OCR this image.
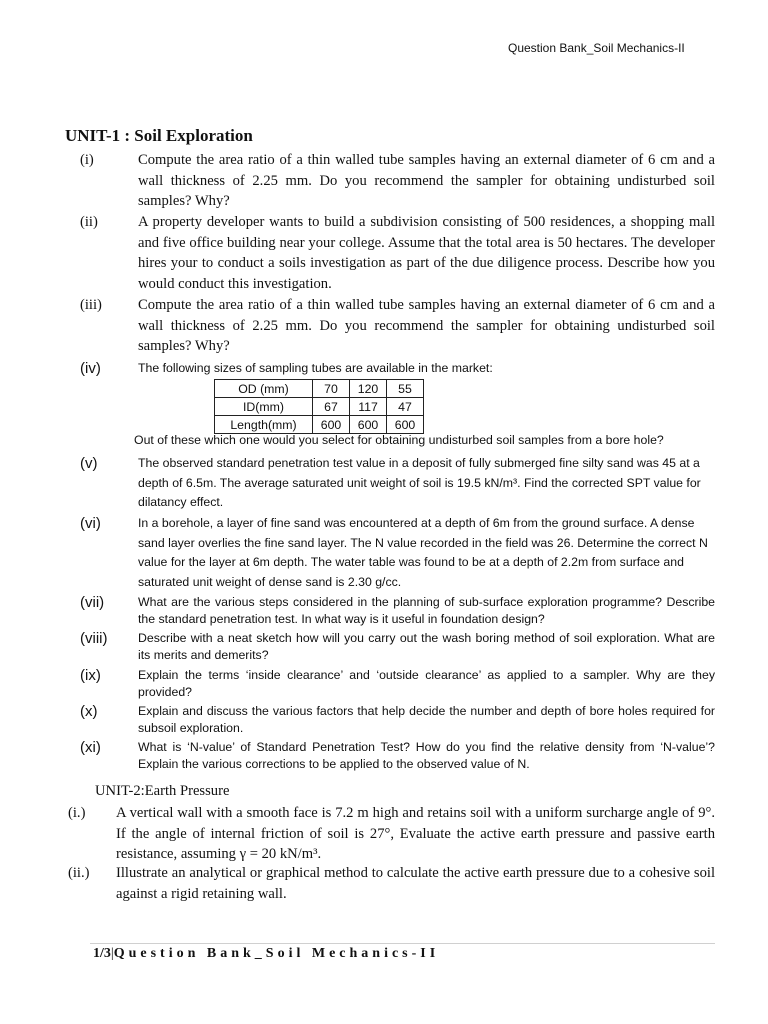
Question Bank_Soil Mechanics-II
UNIT-1 : Soil Exploration
(i)	Compute the area ratio of a thin walled tube samples having an external diameter of 6 cm and a wall thickness of 2.25 mm. Do you recommend the sampler for obtaining undisturbed soil samples? Why?
(ii)	A property developer wants to build a subdivision consisting of 500 residences, a shopping mall and five office building near your college. Assume that the total area is 50 hectares. The developer hires your to conduct a soils investigation as part of the due diligence process. Describe how you would conduct this investigation.
(iii)	Compute the area ratio of a thin walled tube samples having an external diameter of 6 cm and a wall thickness of 2.25 mm. Do you recommend the sampler for obtaining undisturbed soil samples? Why?
(iv)	The following sizes of sampling tubes are available in the market:
OD (mm)	70	120	55
ID(mm)	67	117	47
Length(mm)	600	600	600
Out of these which one would you select for obtaining undisturbed soil samples from a bore hole?
(v)	The observed standard penetration test value in a deposit of fully submerged fine silty sand was 45 at a depth of 6.5m. The average saturated unit weight of soil is 19.5 kN/m³. Find the corrected SPT value for dilatancy effect.
(vi)	In a borehole, a layer of fine sand was encountered at a depth of 6m from the ground surface. A dense sand layer overlies the fine sand layer. The N value recorded in the field was 26. Determine the correct N value for the layer at 6m depth. The water table was found to be at a depth of 2.2m from surface and saturated unit weight of dense sand is 2.30 g/cc.
(vii)	What are the various steps considered in the planning of sub-surface exploration programme? Describe the standard penetration test. In what way is it useful in foundation design?
(viii)	Describe with a neat sketch how will you carry out the wash boring method of soil exploration. What are its merits and demerits?
(ix)	Explain the terms ‘inside clearance’ and ‘outside clearance’ as applied to a sampler. Why are they provided?
(x)	Explain and discuss the various factors that help decide the number and depth of bore holes required for subsoil exploration.
(xi)	What is ‘N-value’ of Standard Penetration Test? How do you find the relative density from ‘N-value’? Explain the various corrections to be applied to the observed value of N.
UNIT-2:Earth Pressure
(i.) A vertical wall with a smooth face is 7.2 m high and retains soil with a uniform surcharge angle of 9°. If the angle of internal friction of soil is 27°, Evaluate the active earth pressure and passive earth resistance, assuming γ = 20 kN/m³.
(ii.) Illustrate an analytical or graphical method to calculate the active earth pressure due to a cohesive soil against a rigid retaining wall.
1/3|Question Bank_Soil Mechanics-II
